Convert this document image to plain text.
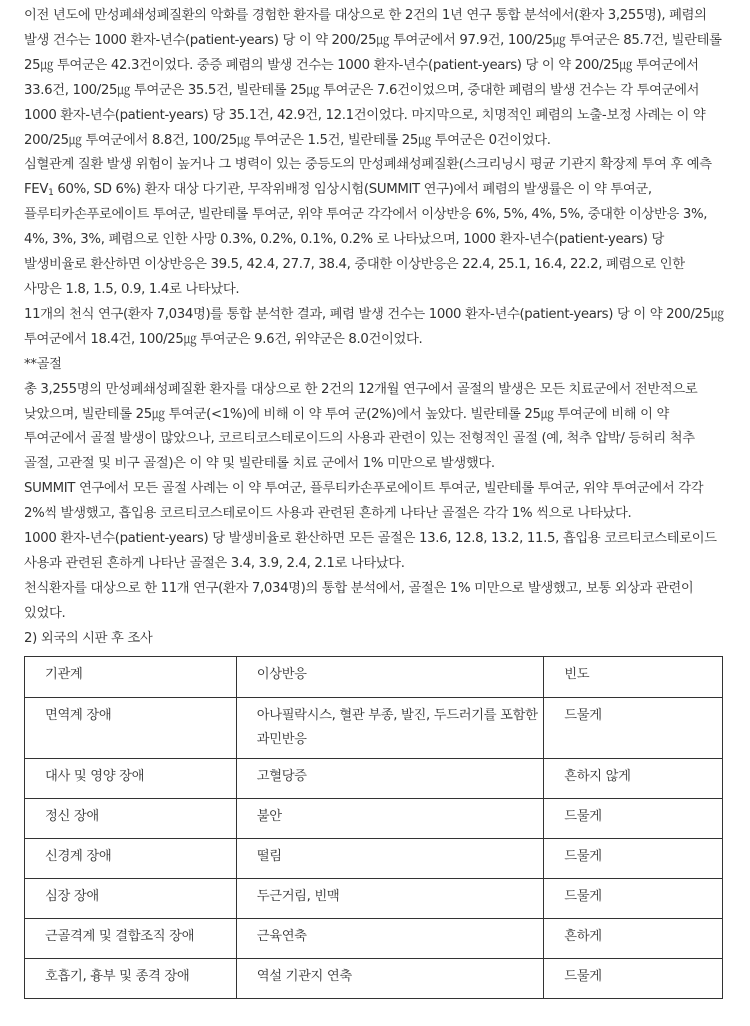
이전 년도에 만성폐쇄성폐질환의 악화를 경험한 환자를 대상으로 한 2건의 1년 연구 통합 분석에서(환자 3,255명), 폐렴의 발생 건수는 1000 환자-년수(patient-years) 당 이 약 200/25㎍ 투여군에서 97.9건, 100/25㎍ 투여군은 85.7건, 빌란테롤 25㎍ 투여군은 42.3건이었다. 중증 폐렴의 발생 건수는 1000 환자-년수(patient-years) 당 이 약 200/25㎍ 투여군에서 33.6건, 100/25㎍ 투여군은 35.5건, 빌란테롤 25㎍ 투여군은 7.6건이었으며, 중대한 폐렴의 발생 건수는 각 투여군에서 1000 환자-년수(patient-years) 당 35.1건, 42.9건, 12.1건이었다. 마지막으로, 치명적인 폐렴의 노출-보정 사례는 이 약 200/25㎍ 투여군에서 8.8건, 100/25㎍ 투여군은 1.5건, 빌란테롤 25㎍ 투여군은 0건이었다.

심혈관계 질환 발생 위험이 높거나 그 병력이 있는 중등도의 만성폐쇄성폐질환(스크리닝시 평균 기관지 확장제 투여 후 예측 $FEV_1$ 60%, SD 6%) 환자 대상 다기관, 무작위배정 임상시험(SUMMIT 연구)에서 폐렴의 발생률은 이 약 투여군, 플루티카손푸로에이트 투여군, 빌란테롤 투여군, 위약 투여군 각각에서 이상반응 6%, 5%, 4%, 5%, 중대한 이상반응 3%, 4%, 3%, 3%, 폐렴으로 인한 사망 0.3%, 0.2%, 0.1%, 0.2% 로 나타났으며, 1000 환자-년수(patient-years) 당 발생비율로 환산하면 이상반응은 39.5, 42.4, 27.7, 38.4, 중대한 이상반응은 22.4, 25.1, 16.4, 22.2, 폐렴으로 인한 사망은 1.8, 1.5, 0.9, 1.4로 나타났다.

11개의 천식 연구(환자 7,034명)를 통합 분석한 결과, 폐렴 발생 건수는 1000 환자-년수(patient-years) 당 이 약 200/25㎍ 투여군에서 18.4건, 100/25㎍ 투여군은 9.6건, 위약군은 8.0건이었다.

**골절

총 3,255명의 만성폐쇄성폐질환 환자를 대상으로 한 2건의 12개월 연구에서 골절의 발생은 모든 치료군에서 전반적으로 낮았으며, 빌란테롤 25㎍ 투여군(<1%)에 비해 이 약 투여 군(2%)에서 높았다. 빌란테롤 25㎍ 투여군에 비해 이 약 투여군에서 골절 발생이 많았으나, 코르티코스테로이드의 사용과 관련이 있는 전형적인 골절 (예, 척추 압박/ 등허리 척추 골절, 고관절 및 비구 골절)은 이 약 및 빌란테롤 치료 군에서 1% 미만으로 발생했다.

SUMMIT 연구에서 모든 골절 사례는 이 약 투여군, 플루티카손푸로에이트 투여군, 빌란테롤 투여군, 위약 투여군에서 각각 2%씩 발생했고, 흡입용 코르티코스테로이드 사용과 관련된 흔하게 나타난 골절은 각각 1% 씩으로 나타났다.

1000 환자-년수(patient-years) 당 발생비율로 환산하면 모든 골절은 13.6, 12.8, 13.2, 11.5, 흡입용 코르티코스테로이드 사용과 관련된 흔하게 나타난 골절은 3.4, 3.9, 2.4, 2.1로 나타났다.

천식환자를 대상으로 한 11개 연구(환자 7,034명)의 통합 분석에서, 골절은 1% 미만으로 발생했고, 보통 외상과 관련이 있었다.

2) 외국의 시판 후 조사

기관계	이상반응	빈도
면역계 장애	아나필락시스, 혈관 부종, 발진, 두드러기를 포함한 과민반응	드물게
대사 및 영양 장애	고혈당증	흔하지 않게
정신 장애	불안	드물게
신경계 장애	떨림	드물게
심장 장애	두근거림, 빈맥	드물게
근골격계 및 결합조직 장애	근육연축	흔하게
호흡기, 흉부 및 종격 장애	역설 기관지 연축	드물게
